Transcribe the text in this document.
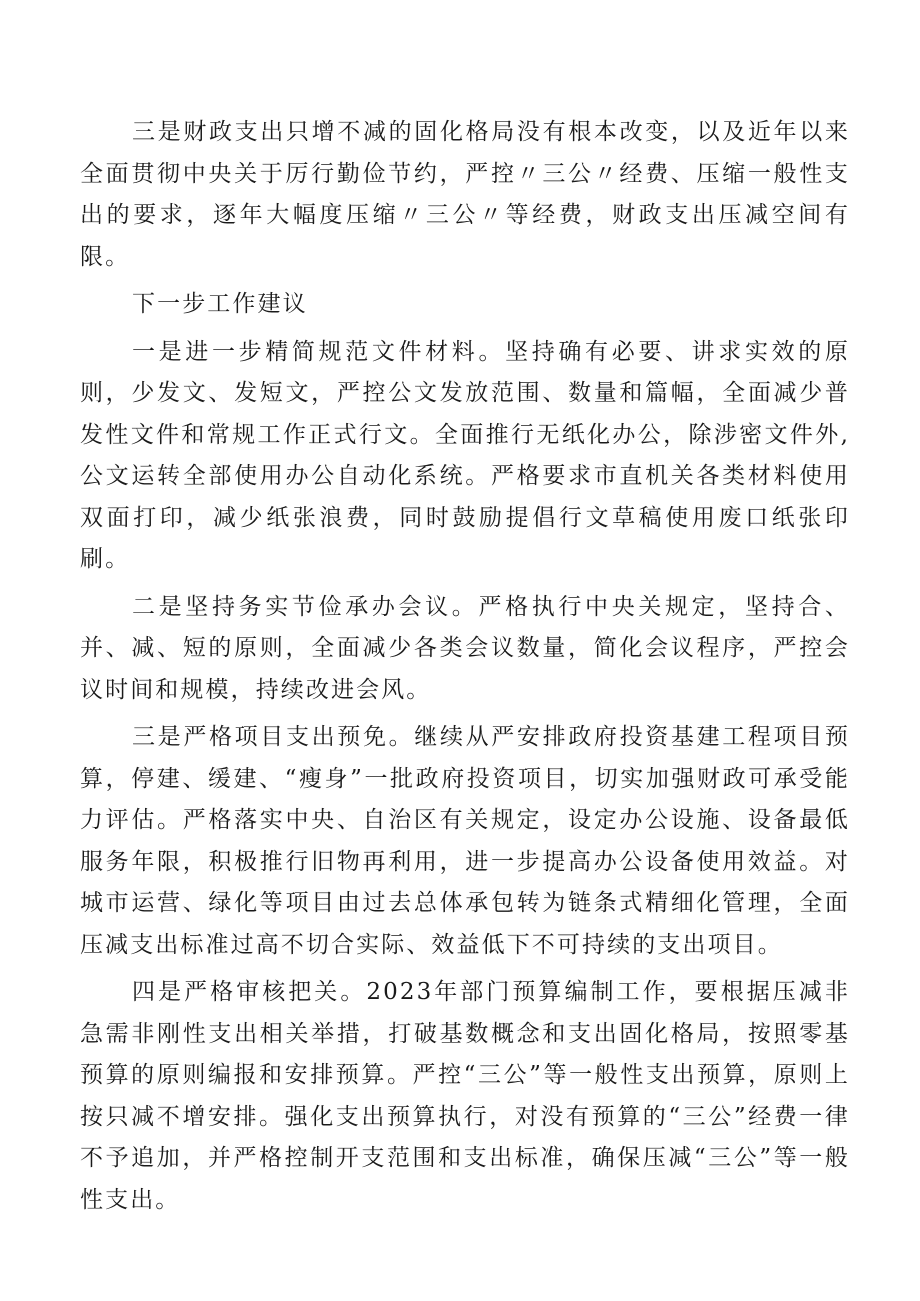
三是财政支出只增不减的固化格局没有根本改变，以及近年以来全面贯彻中央关于厉行勤俭节约，严控〃三公〃经费、压缩一般性支出的要求，逐年大幅度压缩〃三公〃等经费，财政支出压减空间有限。

下一步工作建议

一是进一步精简规范文件材料。坚持确有必要、讲求实效的原则，少发文、发短文，严控公文发放范围、数量和篇幅，全面减少普发性文件和常规工作正式行文。全面推行无纸化办公，除涉密文件外,公文运转全部使用办公自动化系统。严格要求市直机关各类材料使用双面打印，减少纸张浪费，同时鼓励提倡行文草稿使用废口纸张印刷。

二是坚持务实节俭承办会议。严格执行中央关规定，坚持合、并、减、短的原则，全面减少各类会议数量，简化会议程序，严控会议时间和规模，持续改进会风。

三是严格项目支出预免。继续从严安排政府投资基建工程项目预算，停建、缓建、“瘦身”一批政府投资项目，切实加强财政可承受能力评估。严格落实中央、自治区有关规定，设定办公设施、设备最低服务年限，积极推行旧物再利用，进一步提高办公设备使用效益。对城市运营、绿化等项目由过去总体承包转为链条式精细化管理，全面压减支出标准过高不切合实际、效益低下不可持续的支出项目。

四是严格审核把关。2023年部门预算编制工作，要根据压减非急需非刚性支出相关举措，打破基数概念和支出固化格局，按照零基预算的原则编报和安排预算。严控“三公”等一般性支出预算，原则上按只减不增安排。强化支出预算执行，对没有预算的“三公”经费一律不予追加，并严格控制开支范围和支出标准，确保压减“三公”等一般性支出。
